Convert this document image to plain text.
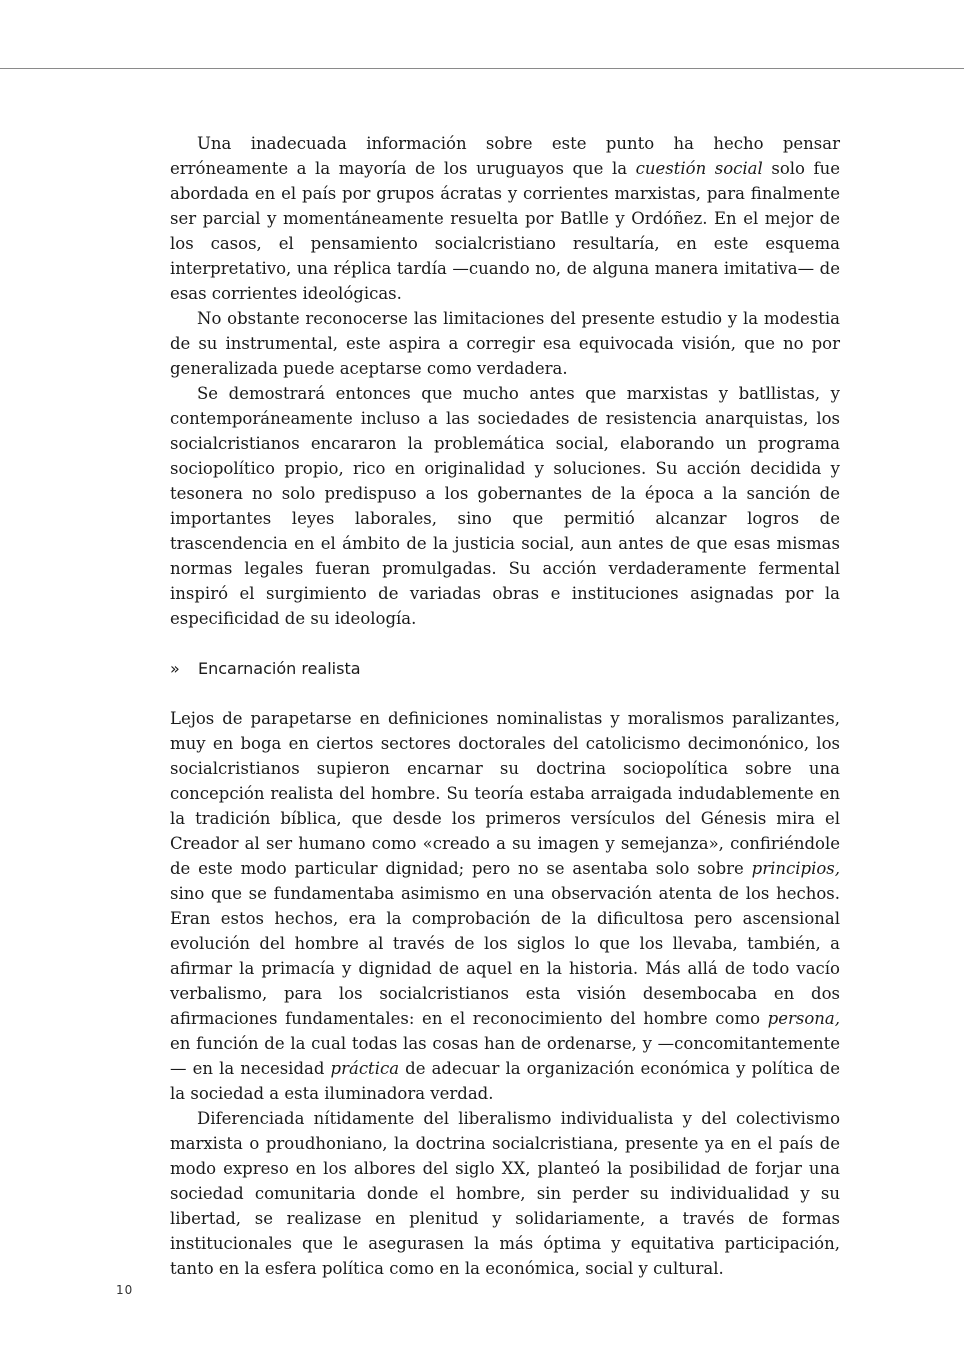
Una inadecuada información sobre este punto ha hecho pensar erróneamente a la mayoría de los uruguayos que la cuestión social solo fue abordada en el país por grupos ácratas y corrientes marxistas, para finalmente ser parcial y momentáneamente resuelta por Batlle y Ordóñez. En el mejor de los casos, el pensamiento socialcristiano resultaría, en este esquema interpretativo, una réplica tardía —cuando no, de alguna manera imitativa— de esas corrientes ideológicas.

No obstante reconocerse las limitaciones del presente estudio y la modestia de su instrumental, este aspira a corregir esa equivocada visión, que no por generalizada puede aceptarse como verdadera.

Se demostrará entonces que mucho antes que marxistas y batllistas, y contemporáneamente incluso a las sociedades de resistencia anarquistas, los socialcristianos encararon la problemática social, elaborando un programa sociopolítico propio, rico en originalidad y soluciones. Su acción decidida y tesonera no solo predispuso a los gobernantes de la época a la sanción de importantes leyes laborales, sino que permitió alcanzar logros de trascendencia en el ámbito de la justicia social, aun antes de que esas mismas normas legales fueran promulgadas. Su acción verdaderamente fermental inspiró el surgimiento de variadas obras e instituciones asignadas por la especificidad de su ideología.

»	Encarnación realista

Lejos de parapetarse en definiciones nominalistas y moralismos paralizantes, muy en boga en ciertos sectores doctorales del catolicismo decimonónico, los socialcristianos supieron encarnar su doctrina sociopolítica sobre una concepción realista del hombre. Su teoría estaba arraigada indudablemente en la tradición bíblica, que desde los primeros versículos del Génesis mira el Creador al ser humano como «creado a su imagen y semejanza», confiriéndole de este modo particular dignidad; pero no se asentaba solo sobre principios, sino que se fundamentaba asimismo en una observación atenta de los hechos. Eran estos hechos, era la comprobación de la dificultosa pero ascensional evolución del hombre al través de los siglos lo que los llevaba, también, a afirmar la primacía y dignidad de aquel en la historia. Más allá de todo vacío verbalismo, para los socialcristianos esta visión desembocaba en dos afirmaciones fundamentales: en el reconocimiento del hombre como persona, en función de la cual todas las cosas han de ordenarse, y —concomitantemente— en la necesidad práctica de adecuar la organización económica y política de la sociedad a esta iluminadora verdad.

Diferenciada nítidamente del liberalismo individualista y del colectivismo marxista o proudhoniano, la doctrina socialcristiana, presente ya en el país de modo expreso en los albores del siglo XX, planteó la posibilidad de forjar una sociedad comunitaria donde el hombre, sin perder su individualidad y su libertad, se realizase en plenitud y solidariamente, a través de formas institucionales que le asegurasen la más óptima y equitativa participación, tanto en la esfera política como en la económica, social y cultural.

10
